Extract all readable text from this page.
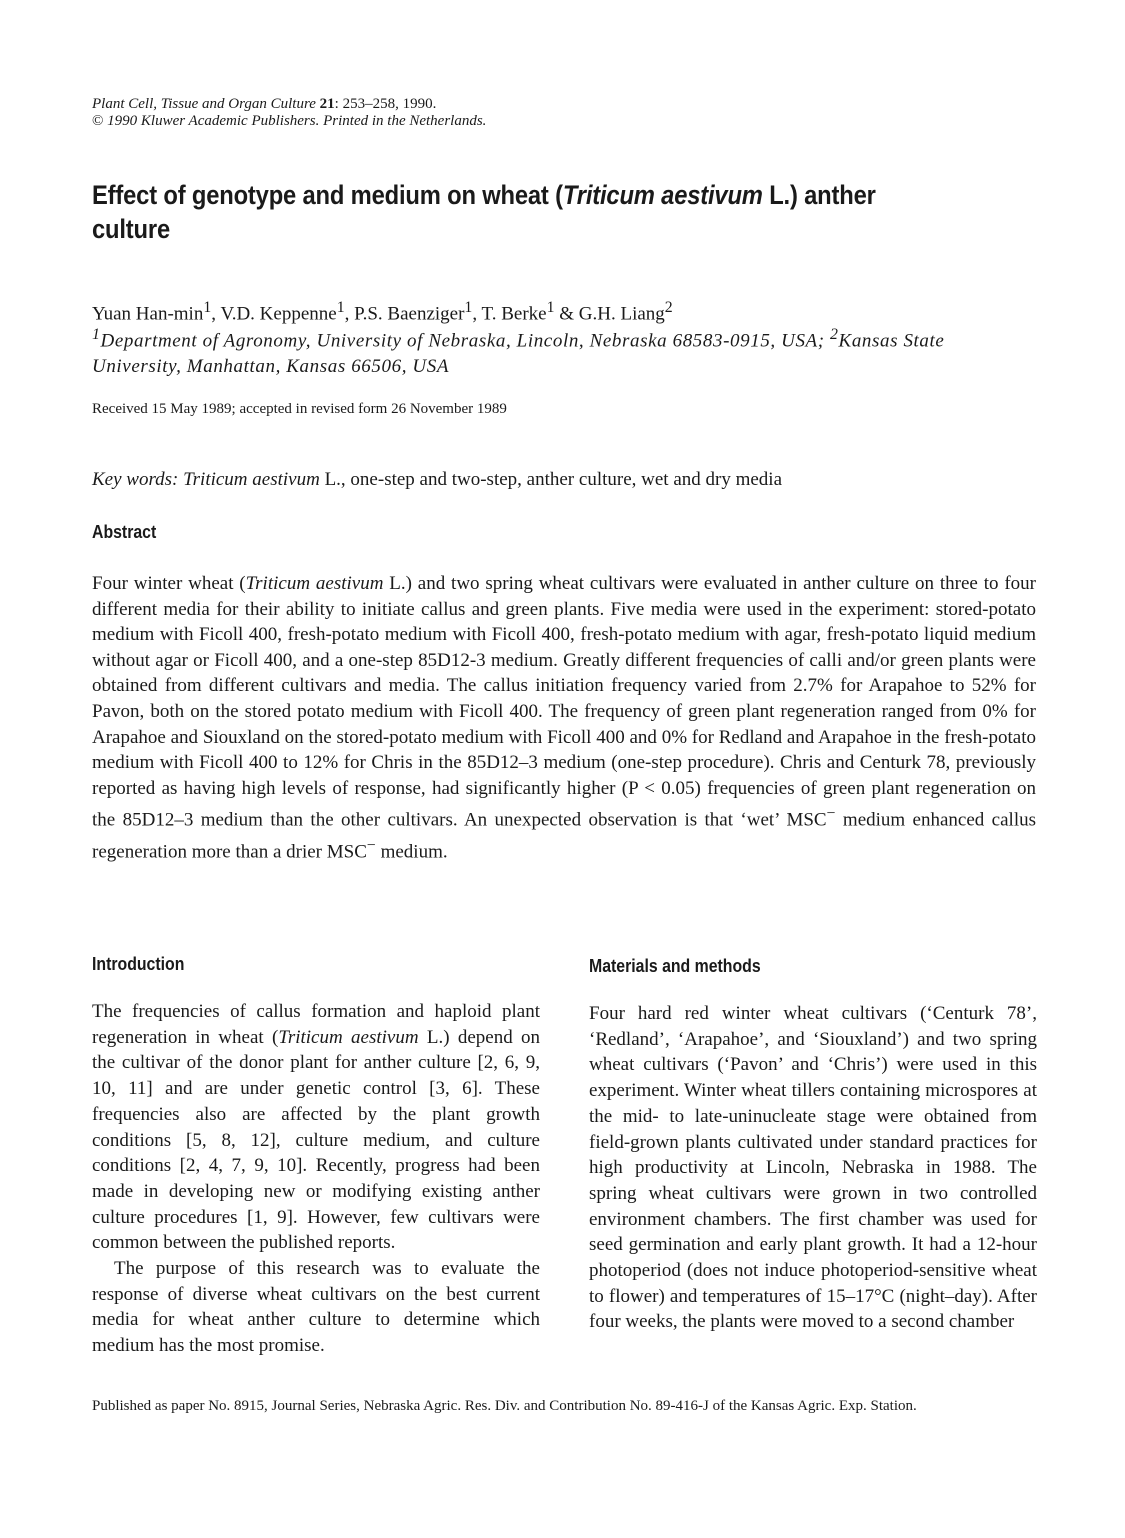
Plant Cell, Tissue and Organ Culture 21: 253–258, 1990.
© 1990 Kluwer Academic Publishers. Printed in the Netherlands.
Effect of genotype and medium on wheat (Triticum aestivum L.) anther culture
Yuan Han-$\min^1$, V.D. Keppenne$^1$, P.S. Baenziger$^1$, T. Berke$^1$ & G.H. Liang$^2$
$^1$Department of Agronomy, University of Nebraska, Lincoln, Nebraska 68583-0915, USA; $^2$Kansas State University, Manhattan, Kansas 66506, USA
Received 15 May 1989; accepted in revised form 26 November 1989
Key words: Triticum aestivum L., one-step and two-step, anther culture, wet and dry media
Abstract

Four winter wheat (Triticum aestivum L.) and two spring wheat cultivars were evaluated in anther culture on three to four different media for their ability to initiate callus and green plants. Five media were used in the experiment: stored-potato medium with Ficoll 400, fresh-potato medium with Ficoll 400, fresh-potato medium with agar, fresh-potato liquid medium without agar or Ficoll 400, and a one-step 85D12-3 medium. Greatly different frequencies of calli and/or green plants were obtained from different cultivars and media. The callus initiation frequency varied from 2.7% for Arapahoe to 52% for Pavon, both on the stored potato medium with Ficoll 400. The frequency of green plant regeneration ranged from 0% for Arapahoe and Siouxland on the stored-potato medium with Ficoll 400 and 0% for Redland and Arapahoe in the fresh-potato medium with Ficoll 400 to 12% for Chris in the 85D12–3 medium (one-step procedure). Chris and Centurk 78, previously reported as having high levels of response, had significantly higher (P < 0.05) frequencies of green plant regeneration on the 85D12–3 medium than the other cultivars. An unexpected observation is that ‘wet’ MSC− medium enhanced callus regeneration more than a drier MSC− medium.

Introduction

The frequencies of callus formation and haploid plant regeneration in wheat (Triticum aestivum L.) depend on the cultivar of the donor plant for anther culture [2, 6, 9, 10, 11] and are under genetic control [3, 6]. These frequencies also are affected by the plant growth conditions [5, 8, 12], culture medium, and culture conditions [2, 4, 7, 9, 10]. Recently, progress had been made in developing new or modifying existing anther culture procedures [1, 9]. However, few cultivars were common between the published reports.

The purpose of this research was to evaluate the response of diverse wheat cultivars on the best current media for wheat anther culture to determine which medium has the most promise.

Materials and methods

Four hard red winter wheat cultivars (‘Centurk 78’, ‘Redland’, ‘Arapahoe’, and ‘Siouxland’) and two spring wheat cultivars (‘Pavon’ and ‘Chris’) were used in this experiment. Winter wheat tillers containing microspores at the mid- to late-uninucleate stage were obtained from field-grown plants cultivated under standard practices for high productivity at Lincoln, Nebraska in 1988. The spring wheat cultivars were grown in two controlled environment chambers. The first chamber was used for seed germination and early plant growth. It had a 12-hour photoperiod (does not induce photoperiod-sensitive wheat to flower) and temperatures of 15–17°C (night–day). After four weeks, the plants were moved to a second chamber

Published as paper No. 8915, Journal Series, Nebraska Agric. Res. Div. and Contribution No. 89-416-J of the Kansas Agric. Exp. Station.
